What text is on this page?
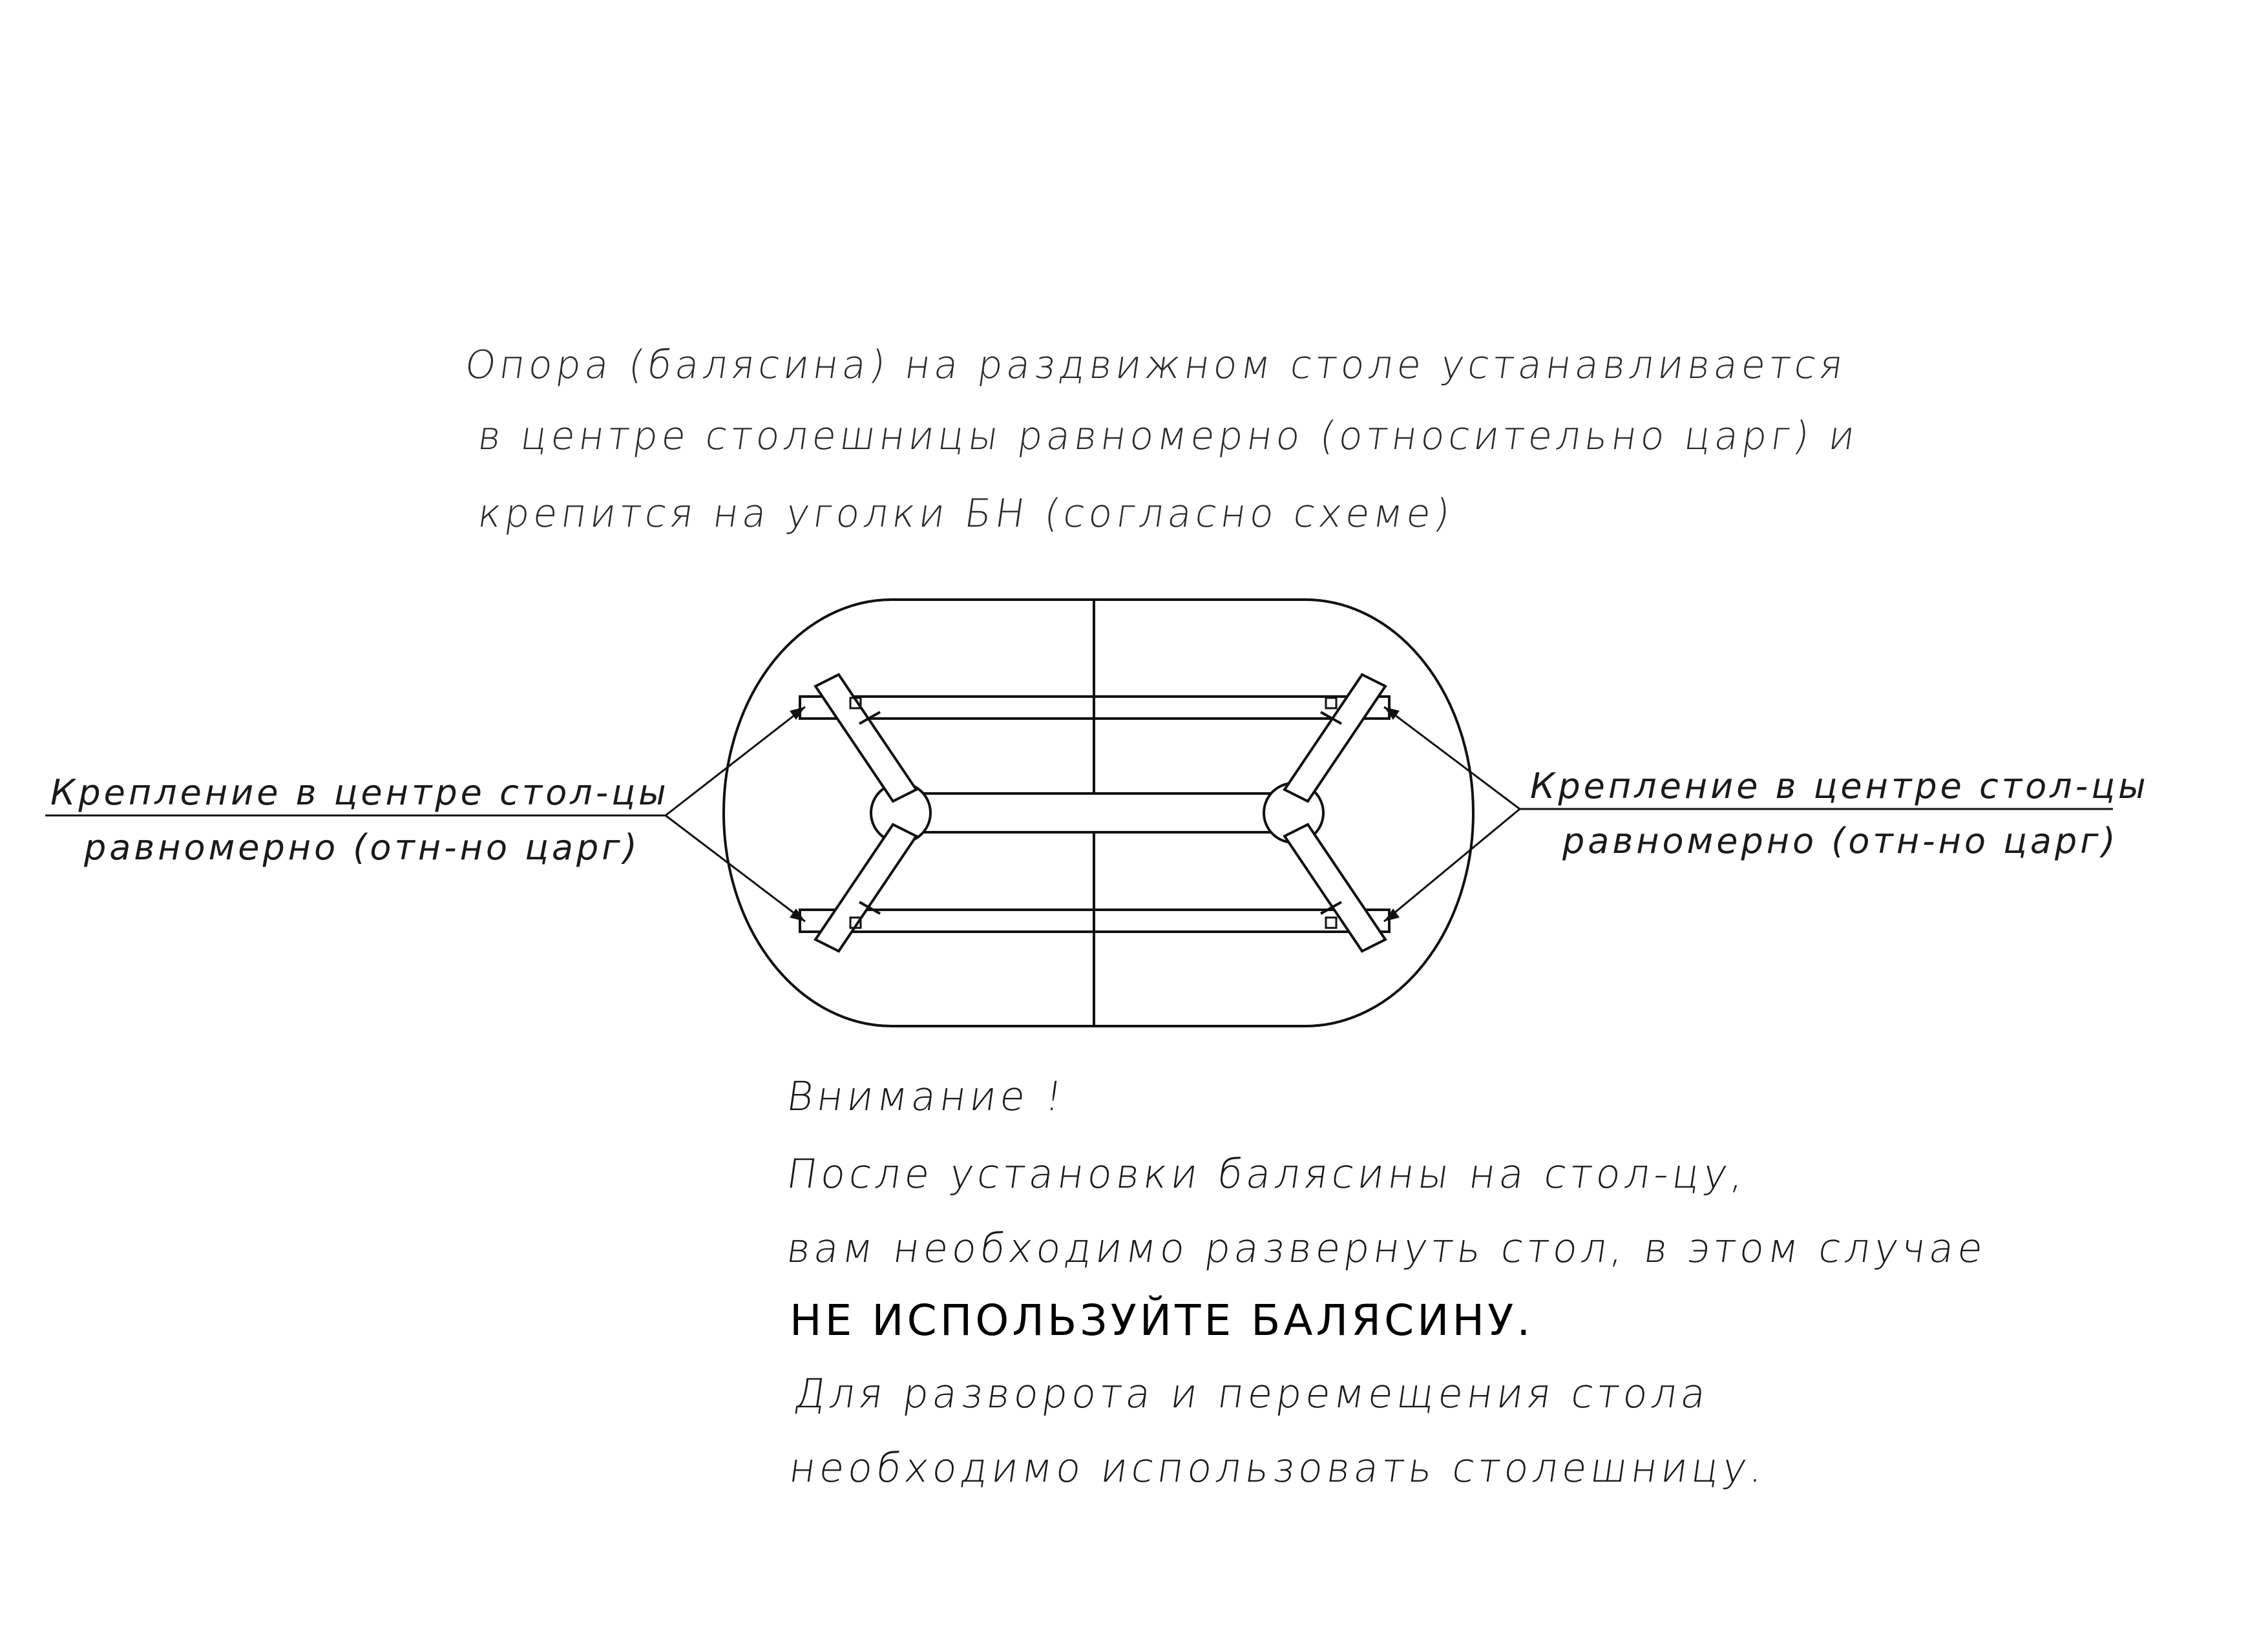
Опора (балясина) на раздвижном столе устанавливается
в центре столешницы равномерно (относительно царг) и
крепится на уголки БН (согласно схеме)
Крепление в центре стол-цы
равномерно (отн-но царг)
Крепление в центре стол-цы
равномерно (отн-но царг)
Внимание !
После установки балясины на стол-цу,
вам необходимо развернуть стол, в этом случае
НЕ ИСПОЛЬЗУЙТЕ БАЛЯСИНУ.
Для разворота и перемещения стола
необходимо использовать столешницу.
